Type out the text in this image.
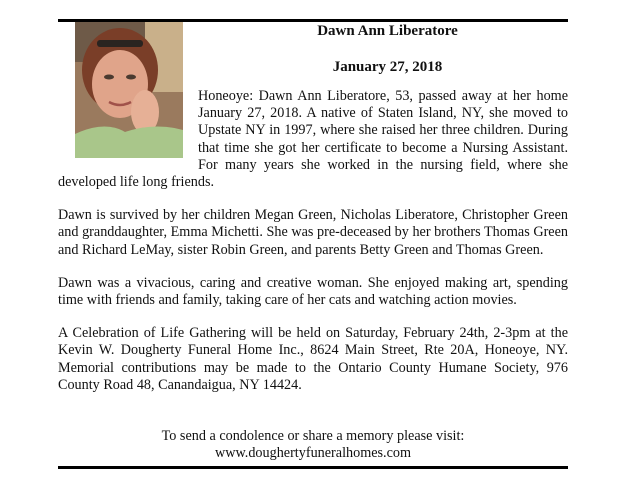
Dawn Ann Liberatore
January 27, 2018

Honeoye: Dawn Ann Liberatore, 53, passed away at her home January 27, 2018. A native of Staten Island, NY, she moved to Upstate NY in 1997, where she raised her three children. During that time she got her certificate to become a Nursing Assistant. For many years she worked in the nursing field, where she developed life long friends.

Dawn is survived by her children Megan Green, Nicholas Liberatore, Christopher Green and granddaughter, Emma Michetti. She was pre-deceased by her brothers Thomas Green and Richard LeMay, sister Robin Green, and parents Betty Green and Thomas Green.

Dawn was a vivacious, caring and creative woman. She enjoyed making art, spending time with friends and family, taking care of her cats and watching action movies.

A Celebration of Life Gathering will be held on Saturday, February 24th, 2-3pm at the Kevin W. Dougherty Funeral Home Inc., 8624 Main Street, Rte 20A, Honeoye, NY. Memorial contributions may be made to the Ontario County Humane Society, 976 County Road 48, Canandaigua, NY 14424.

To send a condolence or share a memory please visit:
www.doughertyfuneralhomes.com
